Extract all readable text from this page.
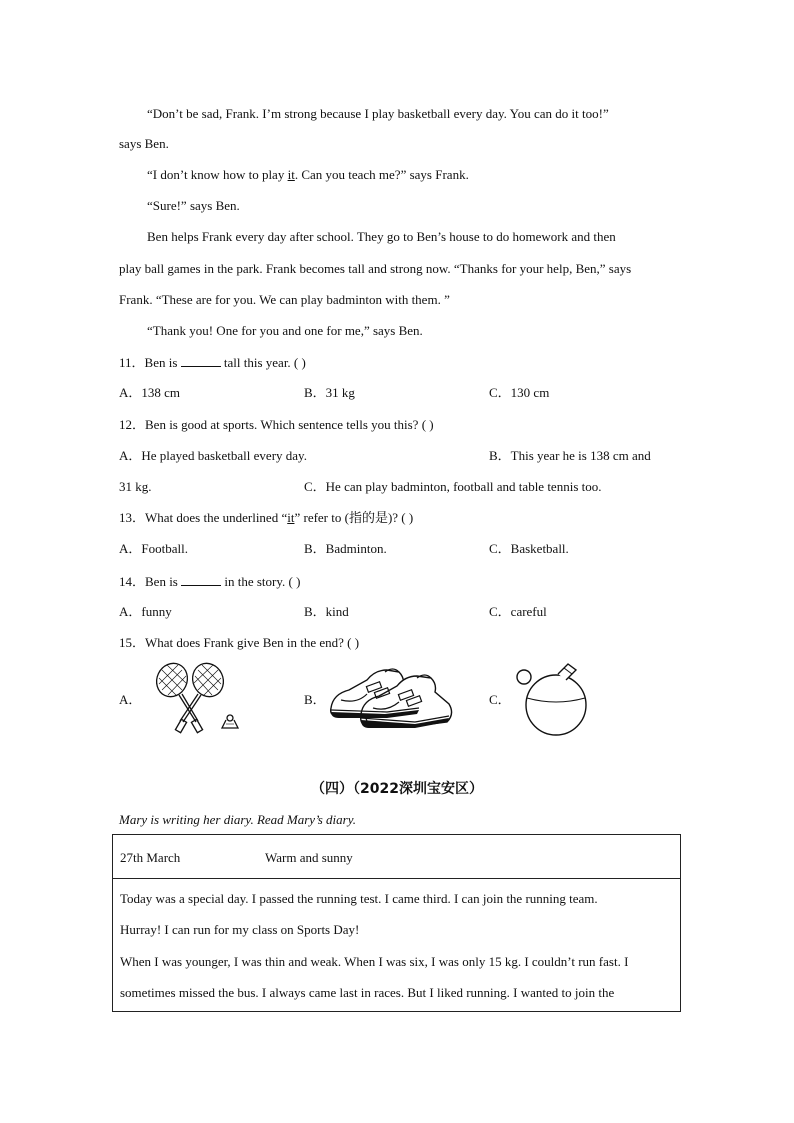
“Don’t be sad, Frank. I’m strong because I play basketball every day. You can do it too!”
says Ben.
“I don’t know how to play it. Can you teach me?” says Frank.
“Sure!” says Ben.
Ben helps Frank every day after school. They go to Ben’s house to do homework and then
play ball games in the park. Frank becomes tall and strong now. “Thanks for your help, Ben,” says
Frank. “These are for you. We can play badminton with them. ”
“Thank you! One for you and one for me,” says Ben.
11．Ben is	tall this year. ( )
A．138 cm	B．31 kg	C．130 cm
12．Ben is good at sports. Which sentence tells you this? ( )
A．He played basketball every day.	B．This year he is 138 cm and
31 kg.	C．He can play badminton, football and table tennis too.
13．What does the underlined “it” refer to (指的是)? ( )
A．Football.	B．Badminton.	C．Basketball.
14．Ben is	in the story. ( )
A．funny	B．kind	C．careful
15．What does Frank give Ben in the end? ( )
A．	B．	C．
（四）（2022深圳宝安区）
Mary is writing her diary. Read Mary’s diary.
27th March	Warm and sunny
Today was a special day. I passed the running test. I came third. I can join the running team.
Hurray! I can run for my class on Sports Day!
When I was younger, I was thin and weak. When I was six, I was only 15 kg. I couldn’t run fast. I
sometimes missed the bus. I always came last in races. But I liked running. I wanted to join the
